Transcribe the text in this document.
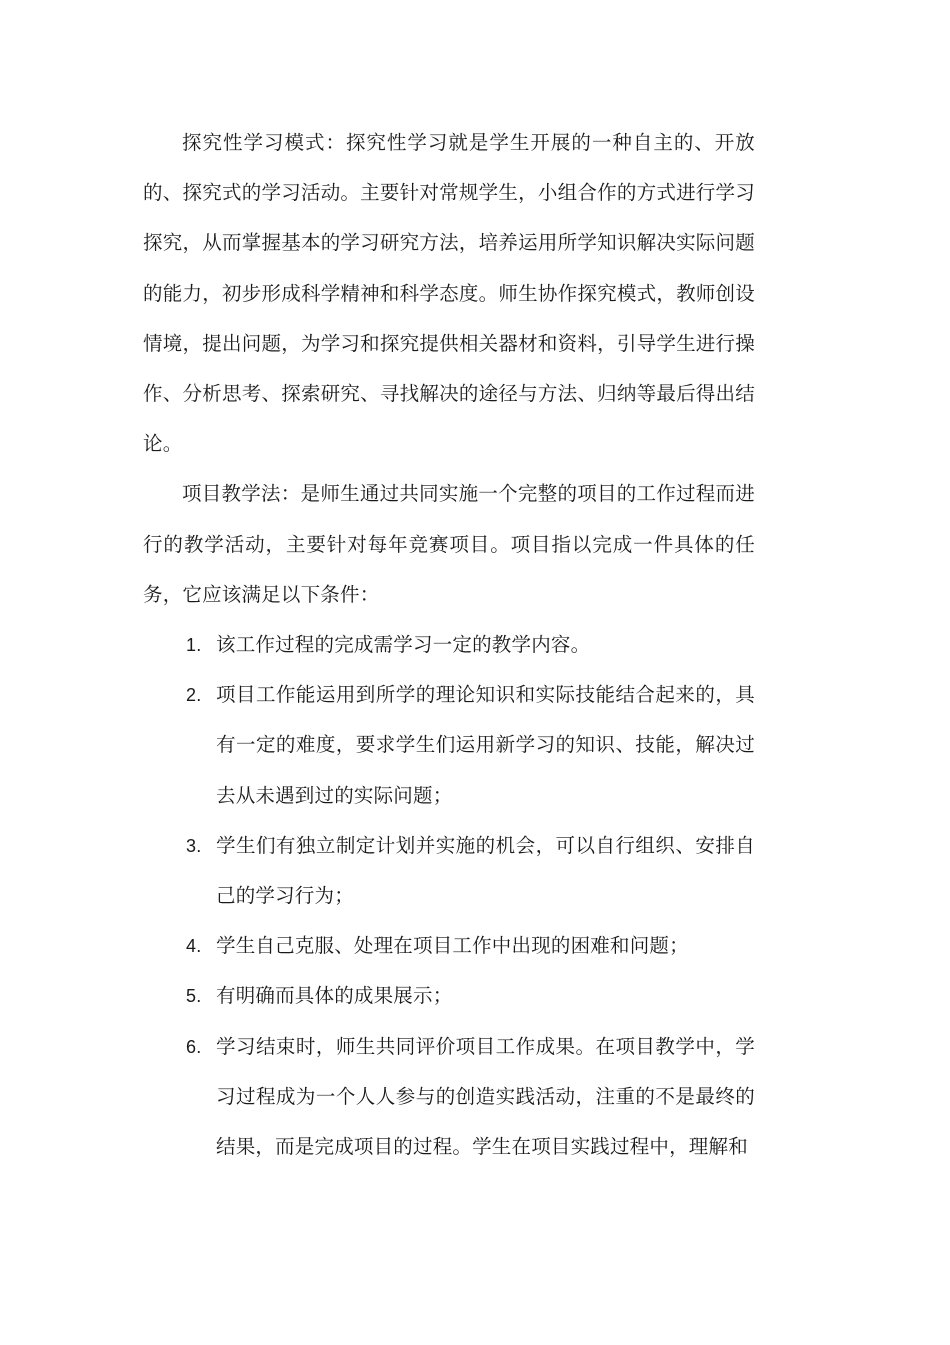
探究性学习模式：探究性学习就是学生开展的一种自主的、开放的、探究式的学习活动。主要针对常规学生，小组合作的方式进行学习探究，从而掌握基本的学习研究方法，培养运用所学知识解决实际问题的能力，初步形成科学精神和科学态度。师生协作探究模式，教师创设情境，提出问题，为学习和探究提供相关器材和资料，引导学生进行操作、分析思考、探索研究、寻找解决的途径与方法、归纳等最后得出结论。

项目教学法：是师生通过共同实施一个完整的项目的工作过程而进行的教学活动，主要针对每年竞赛项目。项目指以完成一件具体的任务，它应该满足以下条件：

1. 该工作过程的完成需学习一定的教学内容。
2. 项目工作能运用到所学的理论知识和实际技能结合起来的，具有一定的难度，要求学生们运用新学习的知识、技能，解决过去从未遇到过的实际问题；
3. 学生们有独立制定计划并实施的机会，可以自行组织、安排自己的学习行为；
4. 学生自己克服、处理在项目工作中出现的困难和问题；
5. 有明确而具体的成果展示；
6. 学习结束时，师生共同评价项目工作成果。在项目教学中，学习过程成为一个人人参与的创造实践活动，注重的不是最终的结果，而是完成项目的过程。学生在项目实践过程中，理解和
